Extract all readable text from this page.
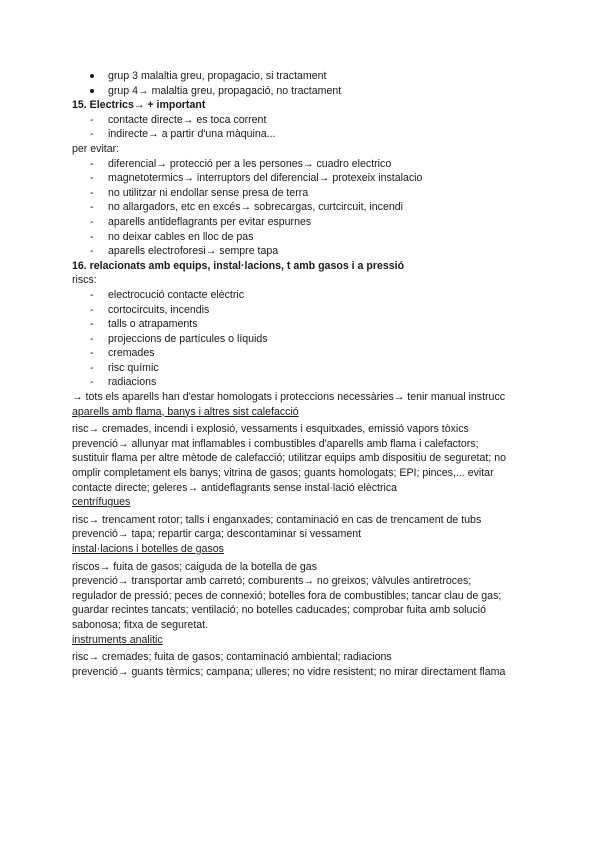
grup 3 malaltia greu, propagacio, si tractament
grup 4→ malaltia greu, propagació, no tractament
15. Electrics→ + important
- contacte directe→ es toca corrent
- indirecte→ a partir d'una màquina...
per evitar:
- diferencial→ protecció per a les persones→ cuadro electrico
- magnetotermics→ interruptors del diferencial→ protexeix instalacio
- no utilitzar ni endollar sense presa de terra
- no allargadors, etc en excés→ sobrecargas, curtcircuit, incendi
- aparells antideflagrants per evitar espurnes
- no deixar cables en lloc de pas
- aparells electroforesi→ sempre tapa
16. relacionats amb equips, instal·lacions, t amb gasos i a pressió
riscs:
- electrocució contacte elèctric
- cortocircuits, incendis
- talls o atrapaments
- projeccions de partícules o líquids
- cremades
- risc químic
- radiacions
→ tots els aparells han d'estar homologats i proteccions necessàries→ tenir manual instrucc
aparells amb flama, banys i altres sist calefacció
risc→ cremades, incendi i explosió, vessaments i esquitxades, emissió vapors tòxics
prevenció→ allunyar mat inflamables i combustibles d'aparells amb flama i calefactors;
sustituir flama per altre mètode de calefacció; utilitzar equips amb dispositiu de seguretat; no
omplir completament els banys; vitrina de gasos; guants homologats; EPI; pinces,... evitar
contacte directe; geleres→ antideflagrants sense instal·lació elèctrica
centrífugues
risc→ trencament rotor; talls i enganxades; contaminació en cas de trencament de tubs
prevenció→ tapa; repartir carga; descontaminar si vessament
instal·lacions i botelles de gasos
riscos→ fuita de gasos; caiguda de la botella de gas
prevenció→ transportar amb carretó; comburents→ no greixos; vàlvules antiretroces;
regulador de pressió; peces de connexió; botelles fora de combustibles; tancar clau de gas;
guardar recintes tancats; ventilació; no botelles caducades; comprobar fuita amb solució
sabonosa; fitxa de seguretat.
instruments analitic
risc→ cremades; fuita de gasos; contaminació ambiental; radiacions
prevenció→ guants tèrmics; campana; ulleres; no vidre resistent; no mirar directament flama
